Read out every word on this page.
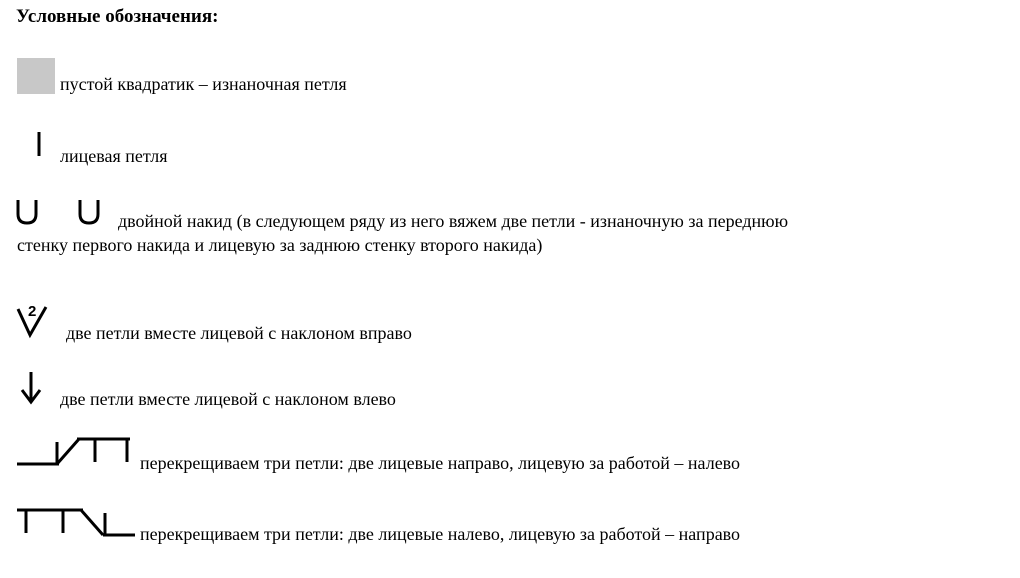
Условные обозначения:
пустой квадратик – изнаночная петля
лицевая петля
двойной накид (в следующем ряду из него вяжем две петли - изнаночную за переднюю
стенку первого накида и лицевую за заднюю стенку второго накида)
2
две петли вместе лицевой с наклоном вправо
две петли вместе лицевой с наклоном влево
перекрещиваем три петли: две лицевые направо, лицевую за работой – налево
перекрещиваем три петли: две лицевые налево, лицевую за работой – направо
